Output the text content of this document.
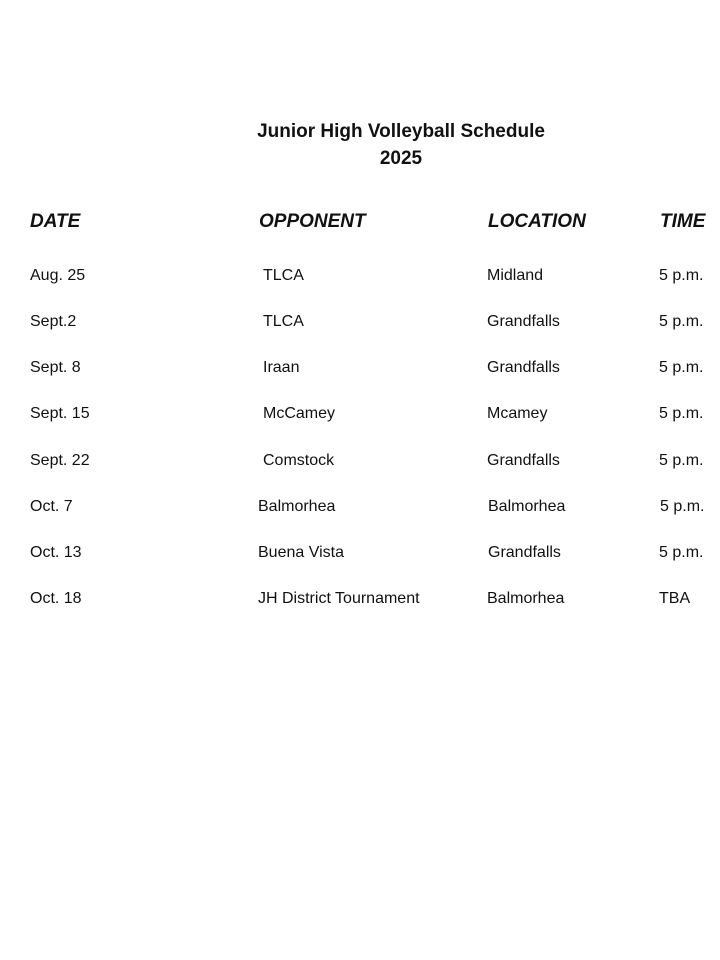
Junior High Volleyball Schedule
2025
DATE	OPPONENT	LOCATION	TIME
Aug. 25	TLCA	Midland	5 p.m.
Sept.2	TLCA	Grandfalls	5 p.m.
Sept. 8	Iraan	Grandfalls	5 p.m.
Sept. 15	McCamey	Mcamey	5 p.m.
Sept. 22	Comstock	Grandfalls	5 p.m.
Oct. 7	Balmorhea	Balmorhea	5 p.m.
Oct. 13	Buena Vista	Grandfalls	5 p.m.
Oct. 18	JH District Tournament	Balmorhea	TBA
